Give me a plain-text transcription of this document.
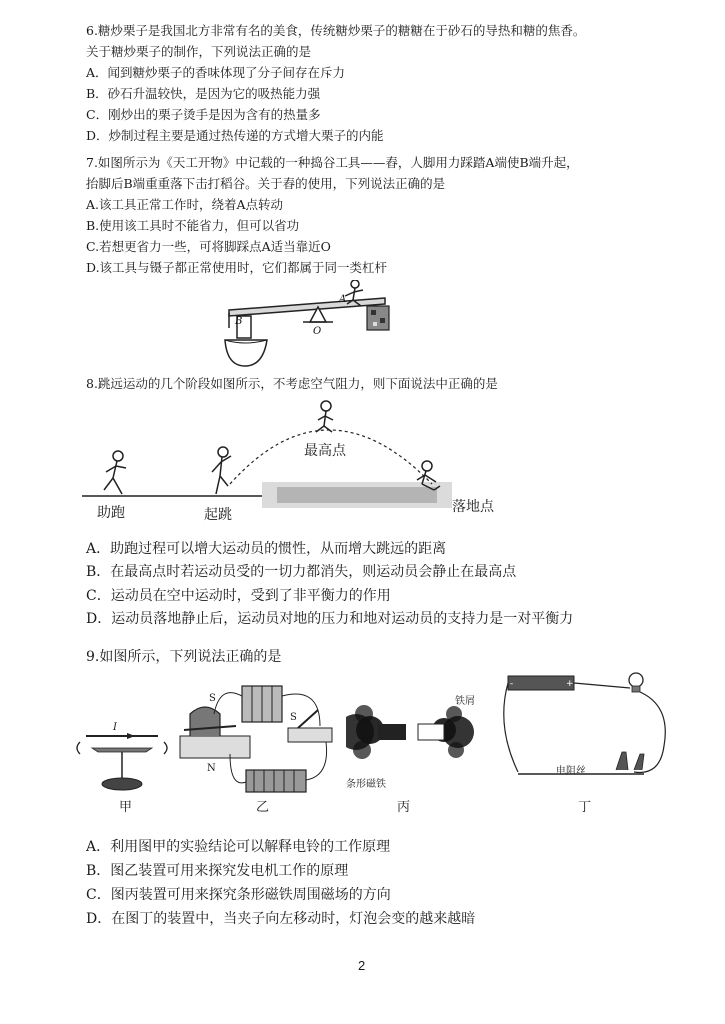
6.糖炒栗子是我国北方非常有名的美食，传统糖炒栗子的糖糖在于砂石的导热和糖的焦香。
关于糖炒栗子的制作，下列说法正确的是
A．闻到糖炒栗子的香味体现了分子间存在斥力
B．砂石升温较快，是因为它的吸热能力强
C．刚炒出的栗子烫手是因为含有的热量多
D．炒制过程主要是通过热传递的方式增大栗子的内能
7.如图所示为《天工开物》中记载的一种捣谷工具——舂，人脚用力踩踏A端使B端升起，
抬脚后B端重重落下击打稻谷。关于舂的使用，下列说法正确的是
A.该工具正常工作时，绕着A点转动
B.使用该工具时不能省力，但可以省功
C.若想更省力一些，可将脚踩点A适当靠近O
D.该工具与镊子都正常使用时，它们都属于同一类杠杆
B
A
O
8.跳远运动的几个阶段如图所示，不考虑空气阻力，则下面说法中正确的是
最高点
助跑	起跳	落地点
A．助跑过程可以增大运动员的惯性，从而增大跳远的距离
B．在最高点时若运动员受的一切力都消失，则运动员会静止在最高点
C．运动员在空中运动时，受到了非平衡力的作用
D．运动员落地静止后，运动员对地的压力和地对运动员的支持力是一对平衡力
9.如图所示，下列说法正确的是
I
S
S
N
铁屑
条形磁铁
-	+
电阻丝
甲	乙	丙	丁
A．利用图甲的实验结论可以解释电铃的工作原理
B．图乙装置可用来探究发电机工作的原理
C．图丙装置可用来探究条形磁铁周围磁场的方向
D．在图丁的装置中，当夹子向左移动时，灯泡会变的越来越暗
2
